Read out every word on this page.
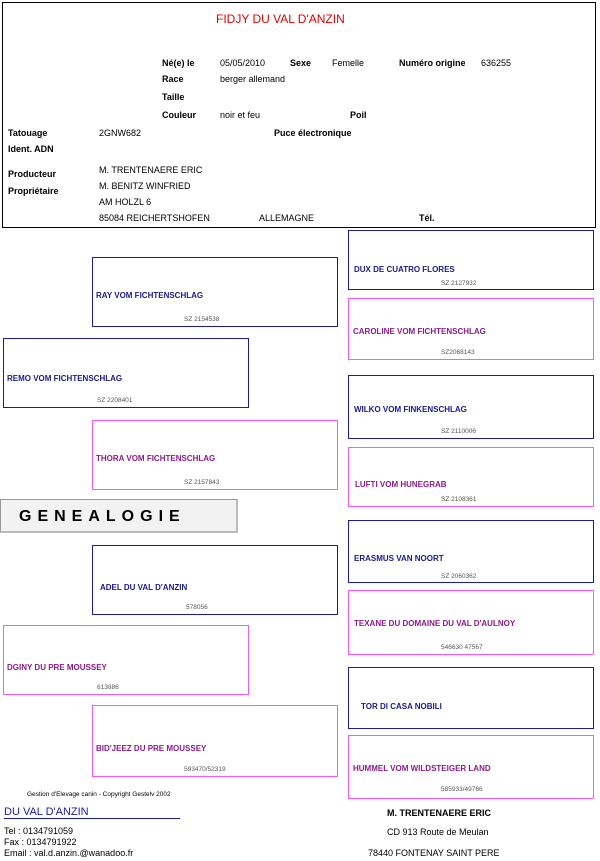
FIDJY DU VAL D'ANZIN
Né(e) le	05/05/2010	Sexe Femelle	Numéro origine 636255
Race	berger allemand
Taille
Couleur	noir et feu	Poil
Tatouage	2GNW682	Puce électronique
Ident. ADN
Producteur	M. TRENTENAERE ERIC
Propriétaire	M. BENITZ WINFRIED
AM HOLZL 6
85084 REICHERTSHOFEN	ALLEMAGNE	Tél.
REMO VOM FICHTENSCHLAG
SZ 2208401
DGINY DU PRE MOUSSEY
613886
RAY VOM FICHTENSCHLAG
SZ 2154538
THORA VOM FICHTENSCHLAG
SZ 2157843
ADEL DU VAL D'ANZIN
578056
BID'JEEZ DU PRE MOUSSEY
593470/52319
DUX DE CUATRO FLORES
SZ 2127932
CAROLINE VOM FICHTENSCHLAG
SZ2068143
WILKO VOM FINKENSCHLAG
SZ 2110006
LUFTI VOM HUNEGRAB
SZ 2108361
ERASMUS VAN NOORT
SZ 2060362
TEXANE DU DOMAINE DU VAL D'AULNOY
546630 47567
TOR DI CASA NOBILI
HUMMEL VOM WILDSTEIGER LAND
585933/49766
GENEALOGIE
Gestion d'Elevage canin - Copyright Gestelv 2002
DU VAL D'ANZIN
Tel : 0134791059
Fax : 0134791922
Email : val.d.anzin.@wanadoo.fr
M. TRENTENAERE ERIC
CD 913 Route de Meulan
78440 FONTENAY SAINT PERE
